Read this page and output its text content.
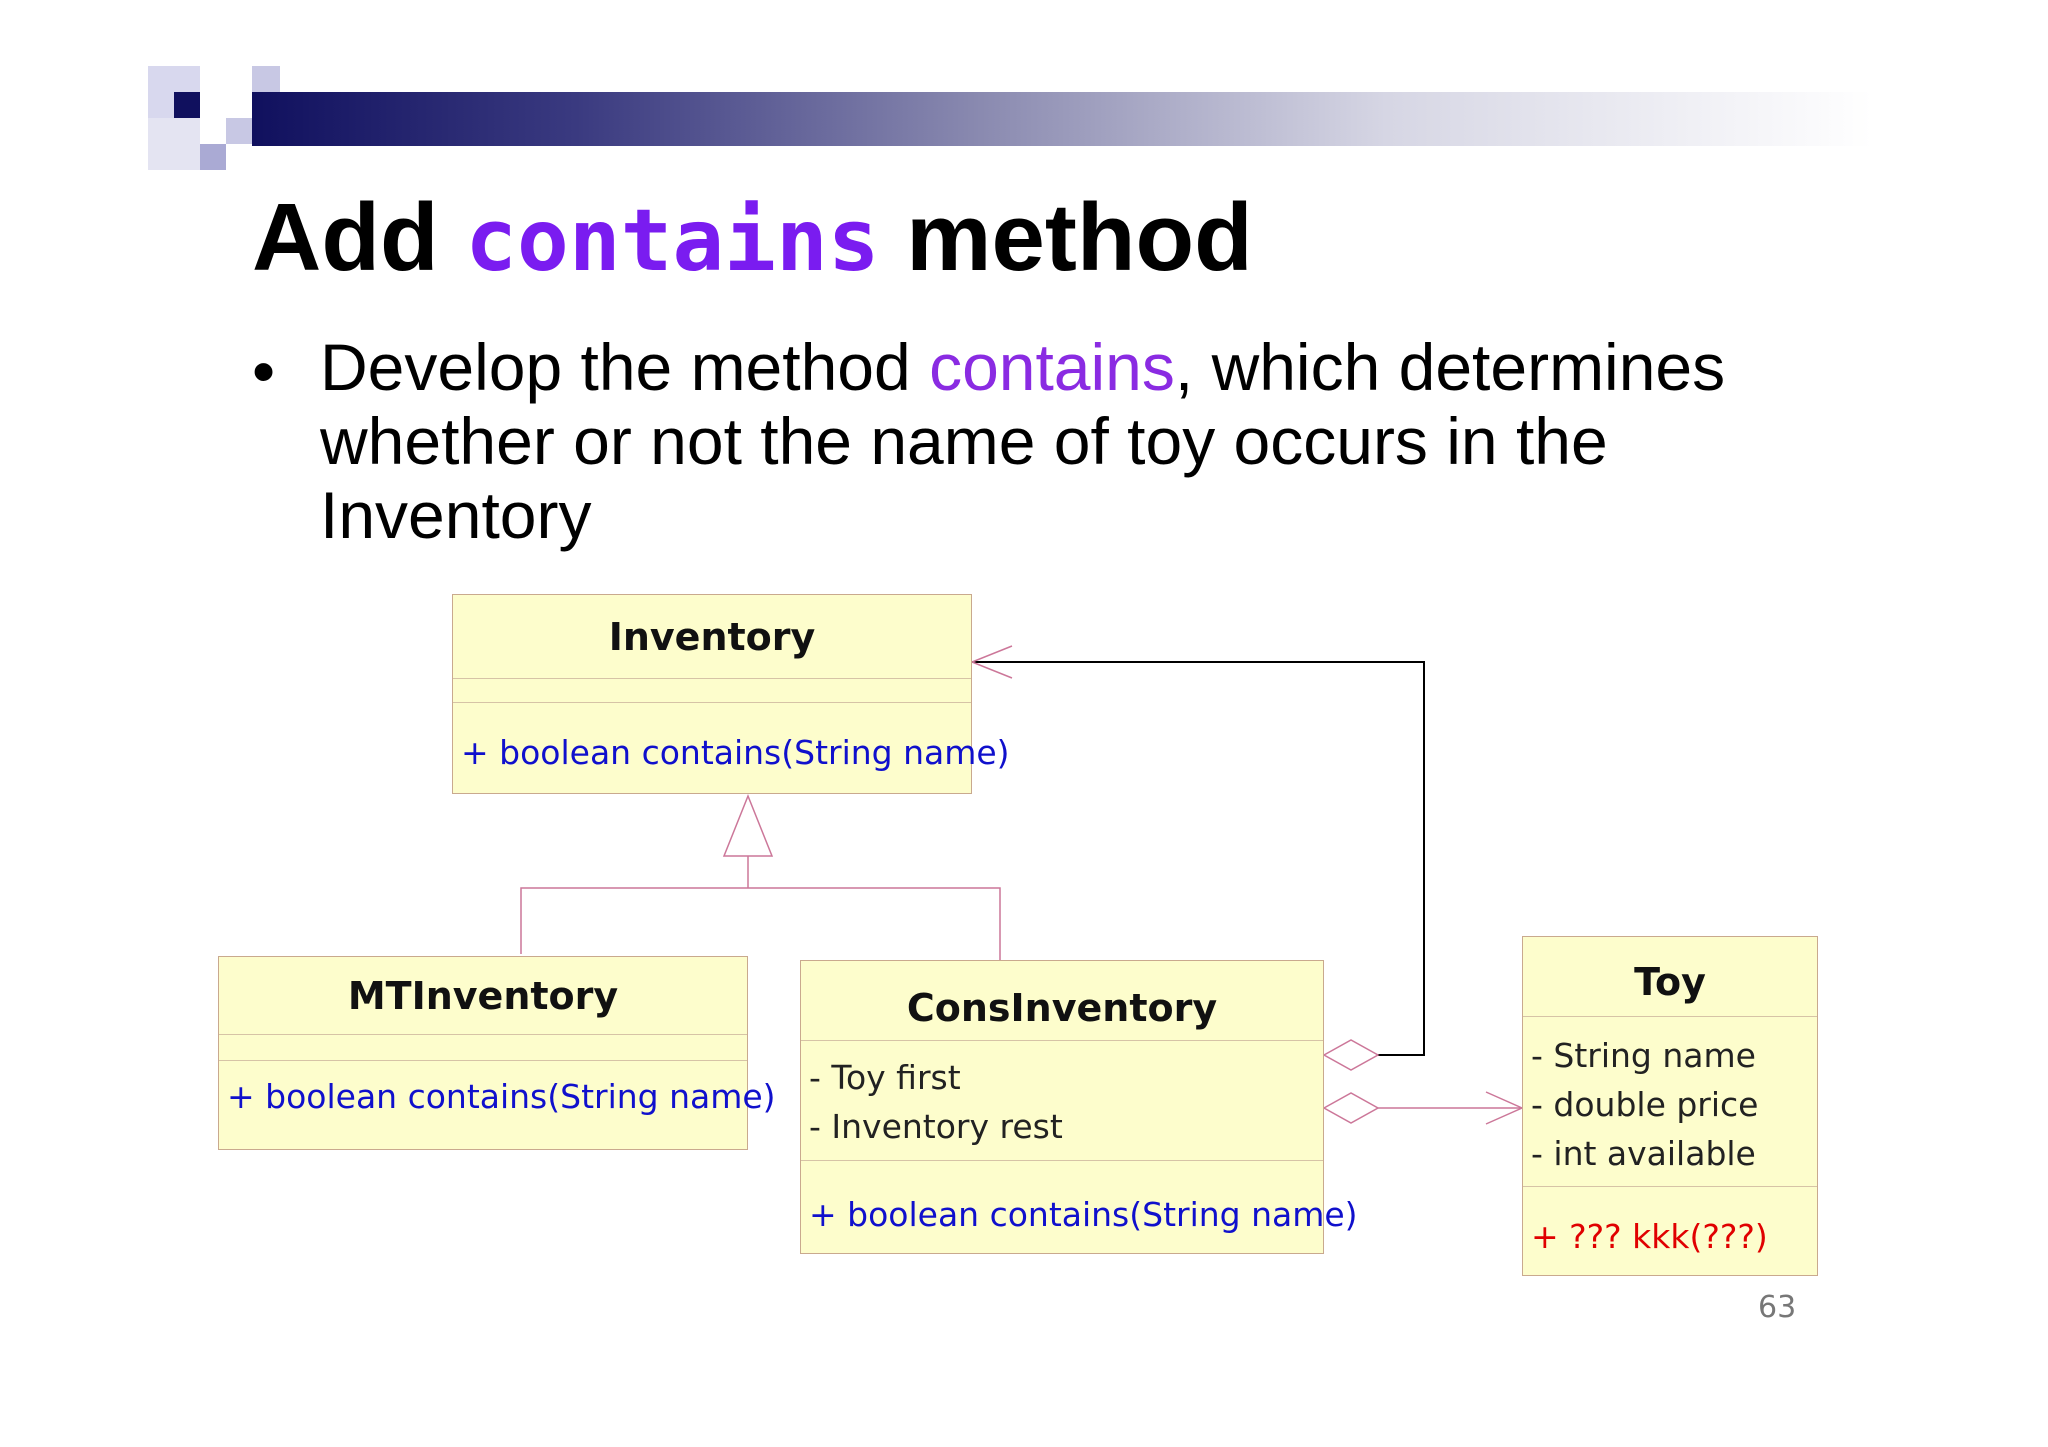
Add contains method
• Develop the method contains, which determines whether or not the name of toy occurs in the Inventory
Inventory
+ boolean contains(String name)
MTInventory
+ boolean contains(String name)
ConsInventory
- Toy first
- Inventory rest
+ boolean contains(String name)
Toy
- String name
- double price
- int available
+ ??? kkk(???)
63
